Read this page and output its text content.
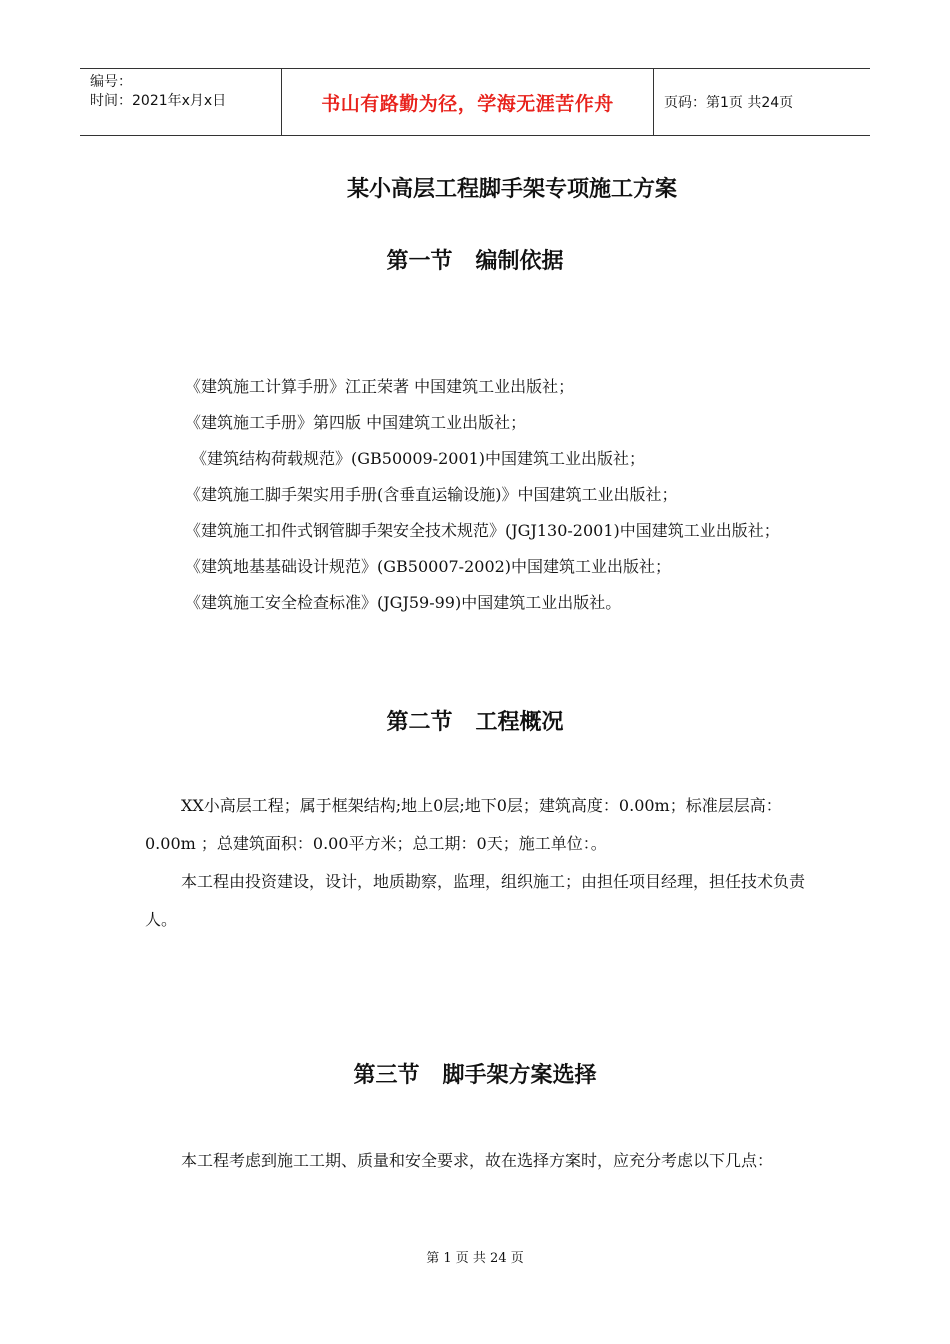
编号：
时间：2021年x月x日	书山有路勤为径，学海无涯苦作舟	页码：第1页 共24页
某小高层工程脚手架专项施工方案
第一节   编制依据
《建筑施工计算手册》江正荣著 中国建筑工业出版社；
《建筑施工手册》第四版 中国建筑工业出版社；
《建筑结构荷载规范》(GB50009-2001)中国建筑工业出版社；
《建筑施工脚手架实用手册(含垂直运输设施)》中国建筑工业出版社；
《建筑施工扣件式钢管脚手架安全技术规范》(JGJ130-2001)中国建筑工业出版社；
《建筑地基基础设计规范》(GB50007-2002)中国建筑工业出版社；
《建筑施工安全检查标准》(JGJ59-99)中国建筑工业出版社。
第二节   工程概况

XX小高层工程；属于框架结构;地上0层;地下0层；建筑高度：0.00m；标准层层高：0.00m ；总建筑面积：0.00平方米；总工期：0天；施工单位：。

本工程由投资建设，设计，地质勘察，监理，组织施工；由担任项目经理，担任技术负责人。

第三节   脚手架方案选择

本工程考虑到施工工期、质量和安全要求，故在选择方案时，应充分考虑以下几点：

第 1 页 共 24 页
